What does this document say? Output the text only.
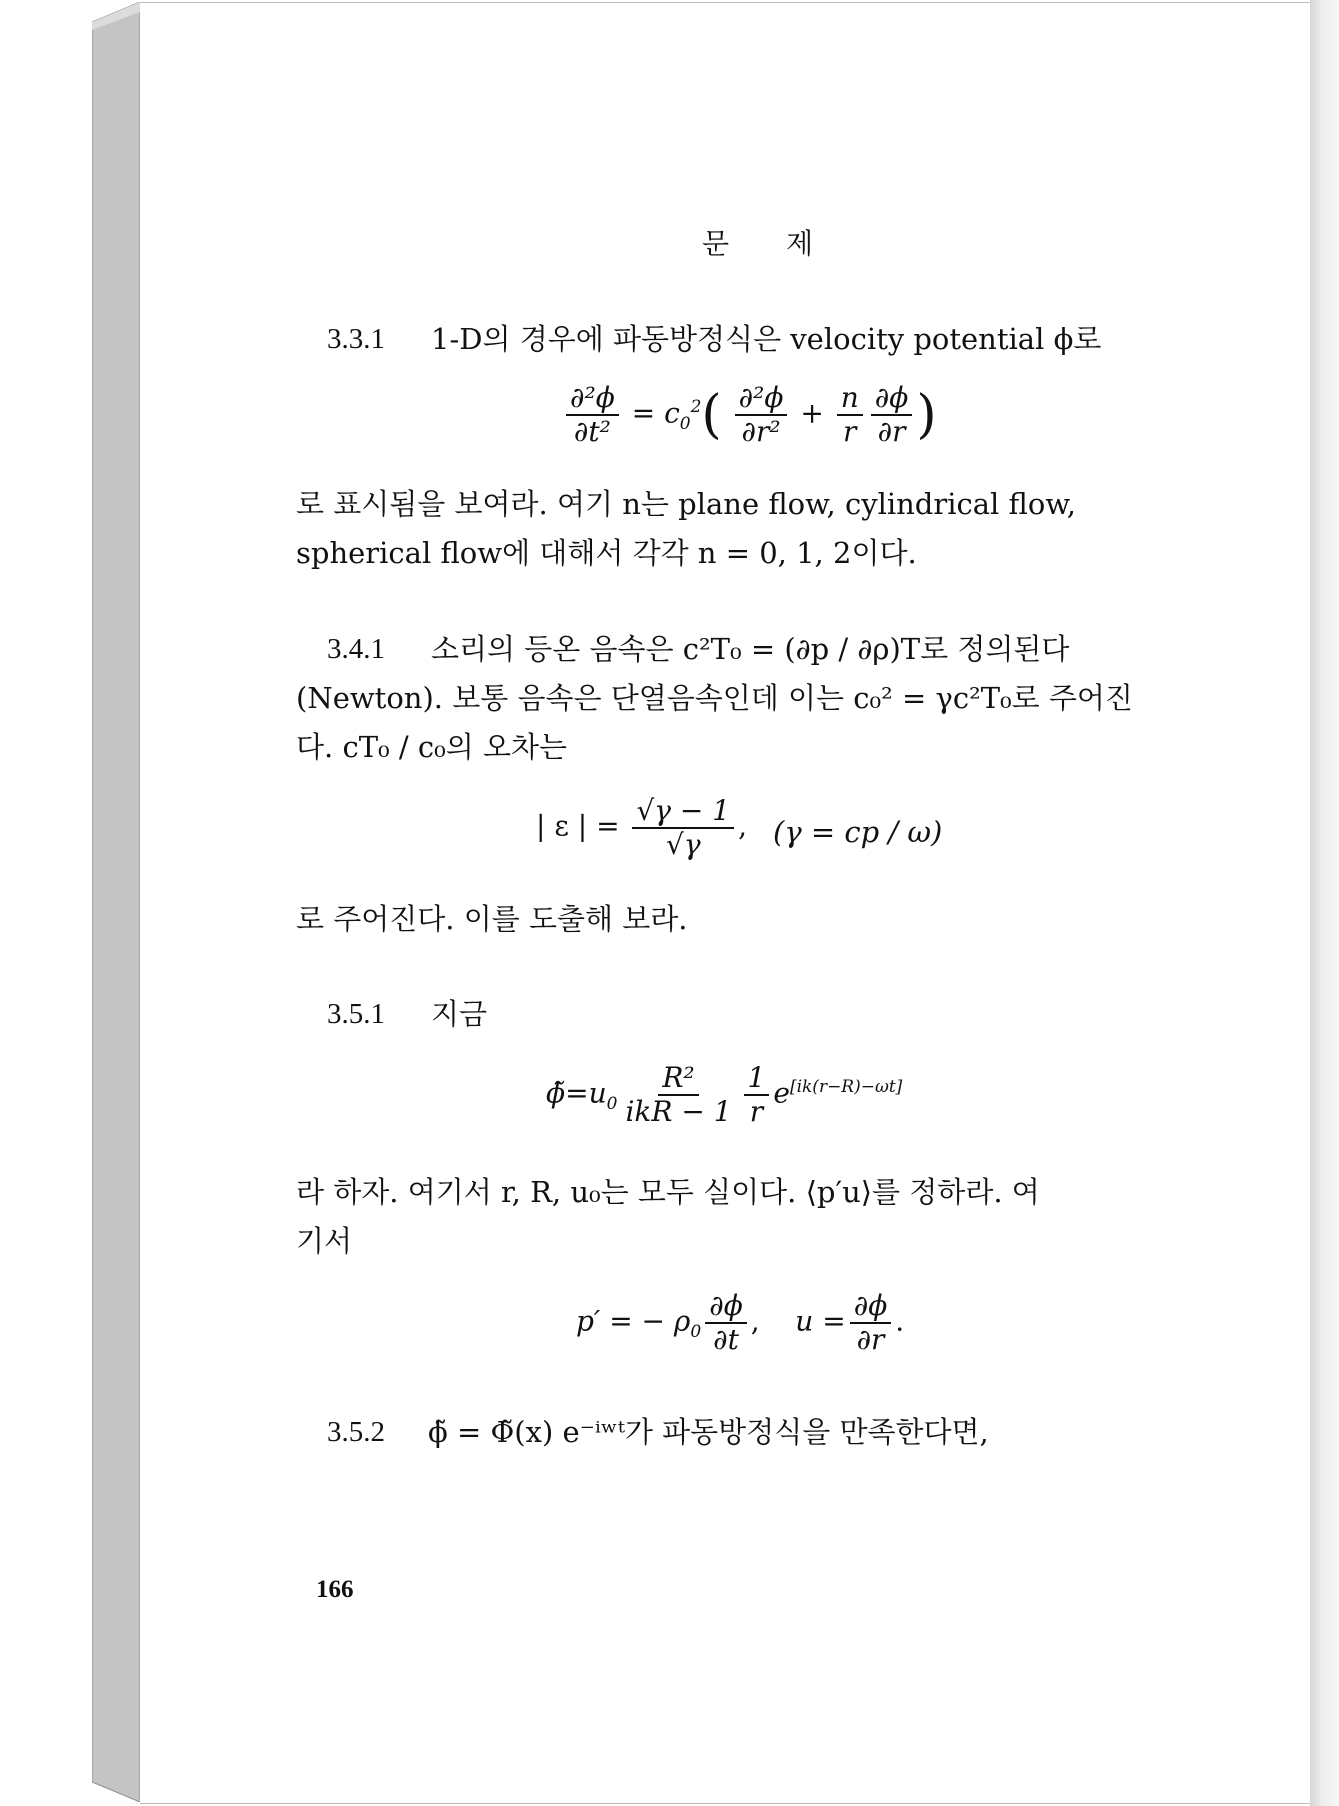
문 제
3.3.1 1-D의 경우에 파동방정식은 velocity potential ϕ로
$\frac{\text{∂²ϕ}}{\text{∂t²}} = c_0^2( \frac{\text{∂²ϕ}}{\text{∂r²}} + \frac{n}{r} \frac{\partial\phi}{\partial r}$ )
로 표시됨을 보여라. 여기 n는 plane flow, cylindrical flow,
spherical flow에 대해서 각각 n = 0, 1, 2이다.
3.4.1 소리의 등온 음속은 c²T₀ = (∂p / ∂ρ)T로 정의된다
(Newton). 보통 음속은 단열음속인데 이는 c₀² = γc²T₀로 주어진
다. cT₀ / c₀의 오차는
| ε | = $\frac{√\gamma - 1}{√\gamma}$ , (γ = cp / ω)
로 주어진다. 이를 도출해 보라.
3.5.1 지금
$\phĩ=u_0 \frac{\text{R²}}{\text{ikR − 1}} \frac{1}{r} e[ik(r-R)-\omega t]$
라 하자. 여기서 r, R, u₀는 모두 실이다. ⟨p′u⟩를 정하라. 여
기서
p′ = − $\rho_0 \frac{\partial\phi}{\partial t}$ ,    $u = \frac{\partial\phi}{\partial r}$ .
3.5.2 ϕ̃ = Φ̃(x) e⁻ⁱʷᵗ가 파동방정식을 만족한다면,
166
